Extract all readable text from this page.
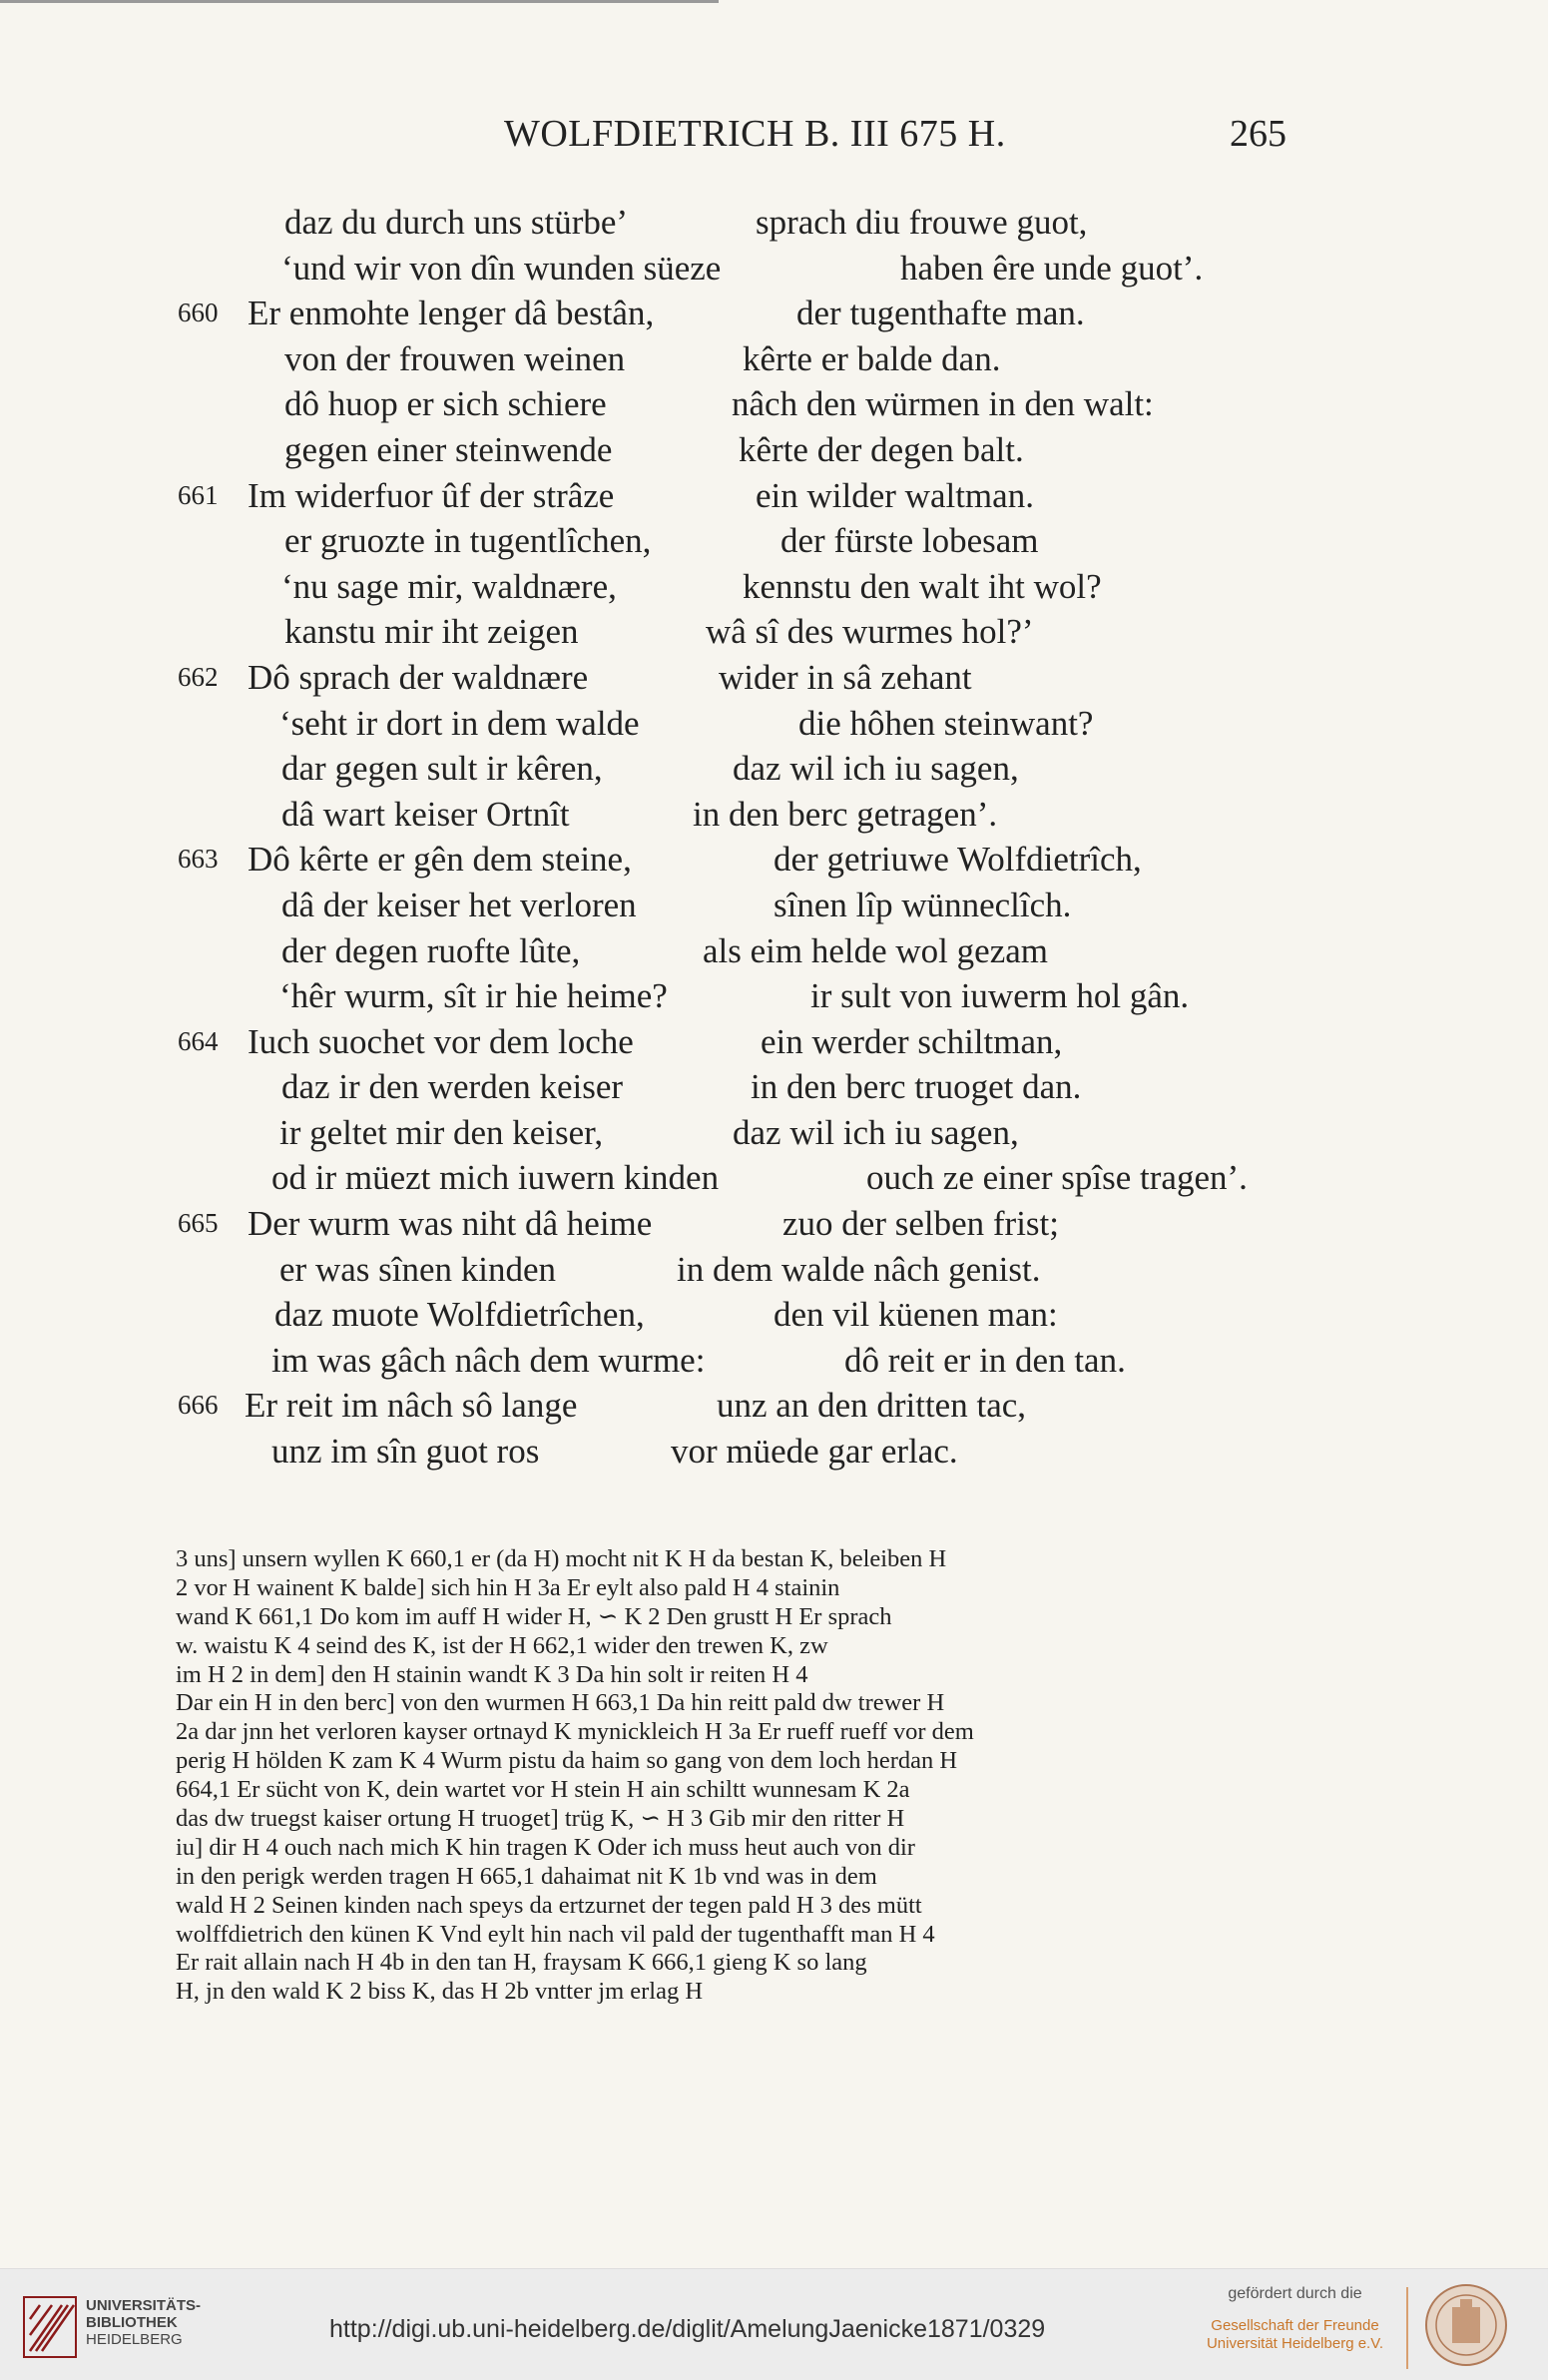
WOLFDIETRICH B. III 675 H.	265
daz du durch uns stürbe’	sprach diu frouwe guot,
‘und wir von dîn wunden süeze	haben êre unde guot’.
660 Er enmohte lenger dâ bestân,	der tugenthafte man.
von der frouwen weinen	kêrte er balde dan.
dô huop er sich schiere	nâch den würmen in den walt:
gegen einer steinwende	kêrte der degen balt.
661 Im widerfuor ûf der strâze	ein wilder waltman.
er gruozte in tugentlîchen,	der fürste lobesam
‘nu sage mir, waldnære,	kennstu den walt iht wol?
kanstu mir iht zeigen	wâ sî des wurmes hol?’
662 Dô sprach der waldnære	wider in sâ zehant
‘seht ir dort in dem walde	die hôhen steinwant?
dar gegen sult ir kêren,	daz wil ich iu sagen,
dâ wart keiser Ortnît	in den berc getragen’.
663 Dô kêrte er gên dem steine,	der getriuwe Wolfdietrîch,
dâ der keiser het verloren	sînen lîp wünneclîch.
der degen ruofte lûte,	als eim helde wol gezam
‘hêr wurm, sît ir hie heime?	ir sult von iuwerm hol gân.
664 Iuch suochet vor dem loche	ein werder schiltman,
daz ir den werden keiser	in den berc truoget dan.
ir geltet mir den keiser,	daz wil ich iu sagen,
od ir müezt mich iuwern kinden	ouch ze einer spîse tragen’.
665 Der wurm was niht dâ heime	zuo der selben frist;
er was sînen kinden	in dem walde nâch genist.
daz muote Wolfdietrîchen,	den vil küenen man:
im was gâch nâch dem wurme:	dô reit er in den tan.
666 Er reit im nâch sô lange	unz an den dritten tac,
unz im sîn guot ros	vor müede gar erlac.
3 uns] unsern wyllen K 660,1 er (da H) mocht nit K H da bestan K, beleiben H
2 vor H wainent K balde] sich hin H 3a Er eylt also pald H 4 stainin
wand K 661,1 Do kom im auff H wider H, ∽ K 2 Den grustt H Er sprach
w. waistu K 4 seind des K, ist der H 662,1 wider den trewen K, zw
im H 2 in dem] den H stainin wandt K 3 Da hin solt ir reiten H 4
Dar ein H in den berc] von den wurmen H 663,1 Da hin reitt pald dw trewer H
2a dar jnn het verloren kayser ortnayd K mynickleich H 3a Er rueff rueff vor dem
perig H hölden K zam K 4 Wurm pistu da haim so gang von dem loch herdan H
664,1 Er sücht von K, dein wartet vor H stein H ain schiltt wunnesam K 2a
das dw truegst kaiser ortung H truoget] trüg K, ∽ H 3 Gib mir den ritter H
iu] dir H 4 ouch nach mich K hin tragen K Oder ich muss heut auch von dir
in den perigk werden tragen H 665,1 dahaimat nit K 1b vnd was in dem
wald H 2 Seinen kinden nach speys da ertzurnet der tegen pald H 3 des mütt
wolffdietrich den künen K Vnd eylt hin nach vil pald der tugenthafft man H 4
Er rait allain nach H 4b in den tan H, fraysam K 666,1 gieng K so lang
H, jn den wald K 2 biss K, das H 2b vntter jm erlag H
UNIVERSITÄTS-
BIBLIOTHEK
HEIDELBERG	http://digi.ub.uni-heidelberg.de/diglit/AmelungJaenicke1871/0329
gefördert durch die
Gesellschaft der Freunde
Universität Heidelberg e.V.
